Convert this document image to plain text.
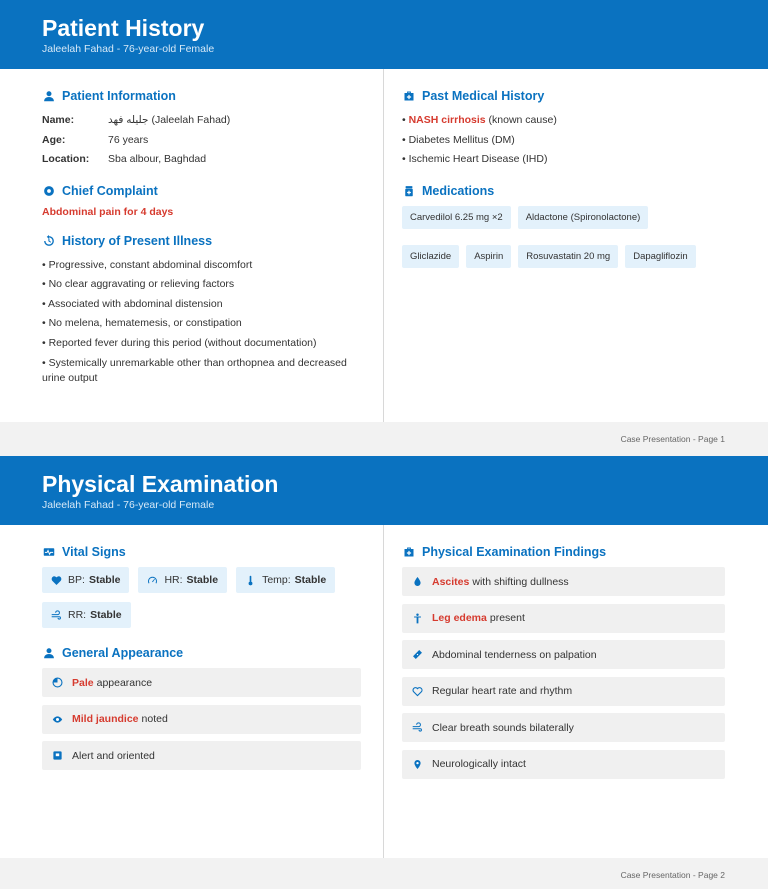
Patient History
Jaleelah Fahad - 76-year-old Female
Patient Information
Name:	جليله فهد (Jaleelah Fahad)
Age:	76 years
Location:	Sba albour, Baghdad
Chief Complaint
Abdominal pain for 4 days
History of Present Illness
• Progressive, constant abdominal discomfort
• No clear aggravating or relieving factors
• Associated with abdominal distension
• No melena, hematemesis, or constipation
• Reported fever during this period (without documentation)
• Systemically unremarkable other than orthopnea and decreased urine output
Past Medical History
• NASH cirrhosis (known cause)
• Diabetes Mellitus (DM)
• Ischemic Heart Disease (IHD)
Medications
Carvedilol 6.25 mg ×2	Aldactone (Spironolactone)
Gliclazide	Aspirin	Rosuvastatin 20 mg	Dapagliflozin
Case Presentation - Page 1
Physical Examination
Jaleelah Fahad - 76-year-old Female
Vital Signs
BP: Stable	HR: Stable	Temp: Stable
RR: Stable
General Appearance
Pale appearance
Mild jaundice noted
Alert and oriented
Physical Examination Findings
Ascites with shifting dullness
Leg edema present
Abdominal tenderness on palpation
Regular heart rate and rhythm
Clear breath sounds bilaterally
Neurologically intact
Case Presentation - Page 2
